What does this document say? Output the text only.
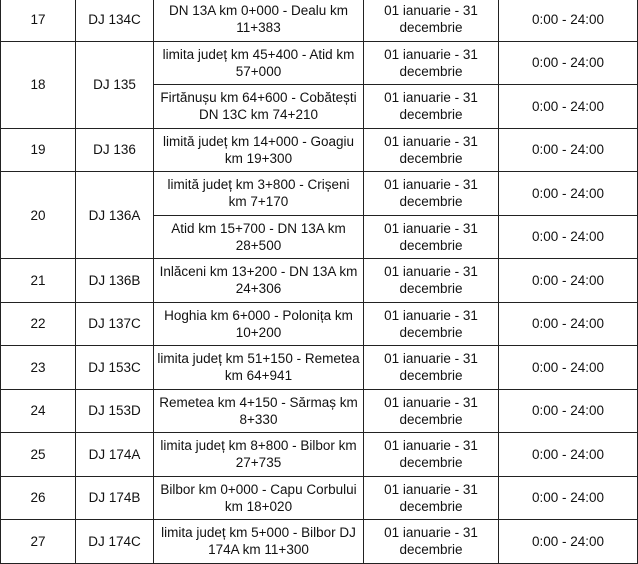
17	DJ 134C	DN 13A km 0+000 - Dealu km 11+383	01 ianuarie - 31 decembrie	0:00 - 24:00
18	DJ 135	limita județ km 45+400 - Atid km 57+000	01 ianuarie - 31 decembrie	0:00 - 24:00
		Firtănușu km 64+600 - Cobătești DN 13C km 74+210	01 ianuarie - 31 decembrie	0:00 - 24:00
19	DJ 136	limită județ km 14+000 - Goagiu km 19+300	01 ianuarie - 31 decembrie	0:00 - 24:00
20	DJ 136A	limită județ km 3+800 - Crișeni km 7+170	01 ianuarie - 31 decembrie	0:00 - 24:00
		Atid km 15+700 - DN 13A km 28+500	01 ianuarie - 31 decembrie	0:00 - 24:00
21	DJ 136B	Inlăceni km 13+200 - DN 13A km 24+306	01 ianuarie - 31 decembrie	0:00 - 24:00
22	DJ 137C	Hoghia km 6+000 - Polonița km 10+200	01 ianuarie - 31 decembrie	0:00 - 24:00
23	DJ 153C	limita județ km 51+150 - Remetea km 64+941	01 ianuarie - 31 decembrie	0:00 - 24:00
24	DJ 153D	Remetea km 4+150 - Sărmaș km 8+330	01 ianuarie - 31 decembrie	0:00 - 24:00
25	DJ 174A	limita județ km 8+800 - Bilbor km 27+735	01 ianuarie - 31 decembrie	0:00 - 24:00
26	DJ 174B	Bilbor km 0+000 - Capu Corbului km 18+020	01 ianuarie - 31 decembrie	0:00 - 24:00
27	DJ 174C	limita județ km 5+000 - Bilbor DJ 174A km 11+300	01 ianuarie - 31 decembrie	0:00 - 24:00
